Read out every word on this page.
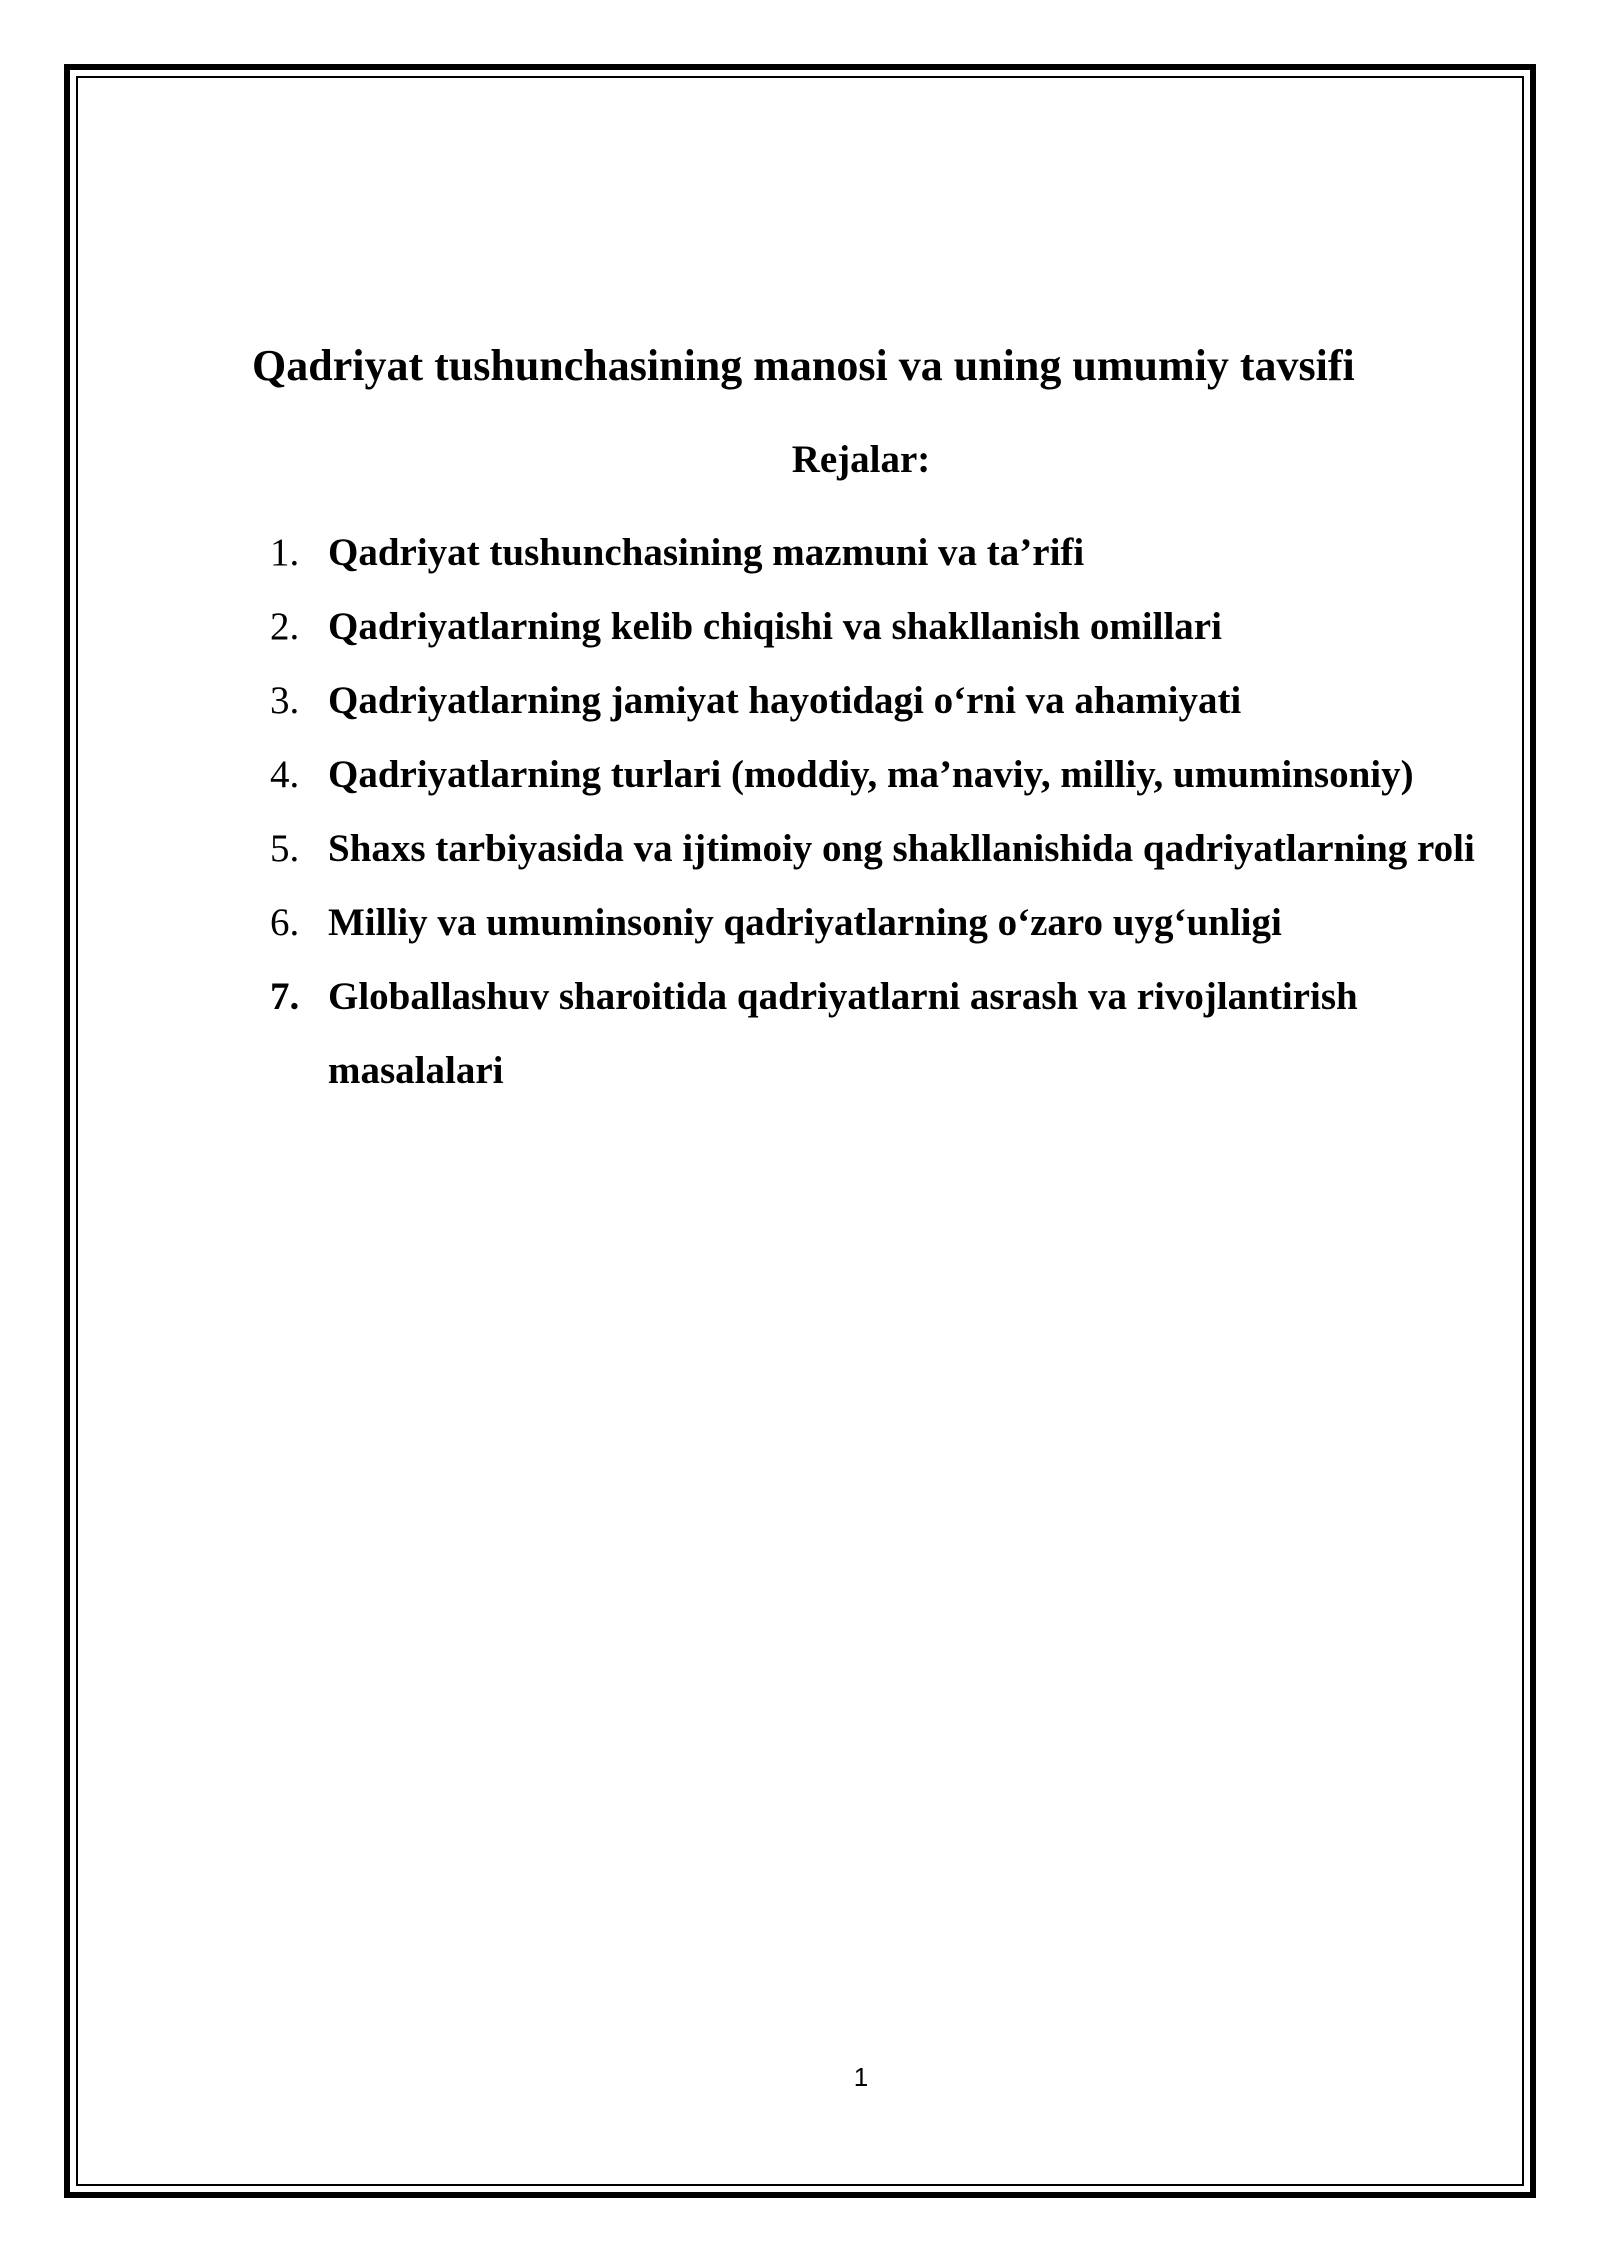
Qadriyat tushunchasining manosi va uning umumiy tavsifi
Rejalar:
1. Qadriyat tushunchasining mazmuni va ta’rifi
2. Qadriyatlarning kelib chiqishi va shakllanish omillari
3. Qadriyatlarning jamiyat hayotidagi o‘rni va ahamiyati
4. Qadriyatlarning turlari (moddiy, ma’naviy, milliy, umuminsoniy)
5. Shaxs tarbiyasida va ijtimoiy ong shakllanishida qadriyatlarning roli
6. Milliy va umuminsoniy qadriyatlarning o‘zaro uyg‘unligi
7. Globallashuv sharoitida qadriyatlarni asrash va rivojlantirish masalalari
1
